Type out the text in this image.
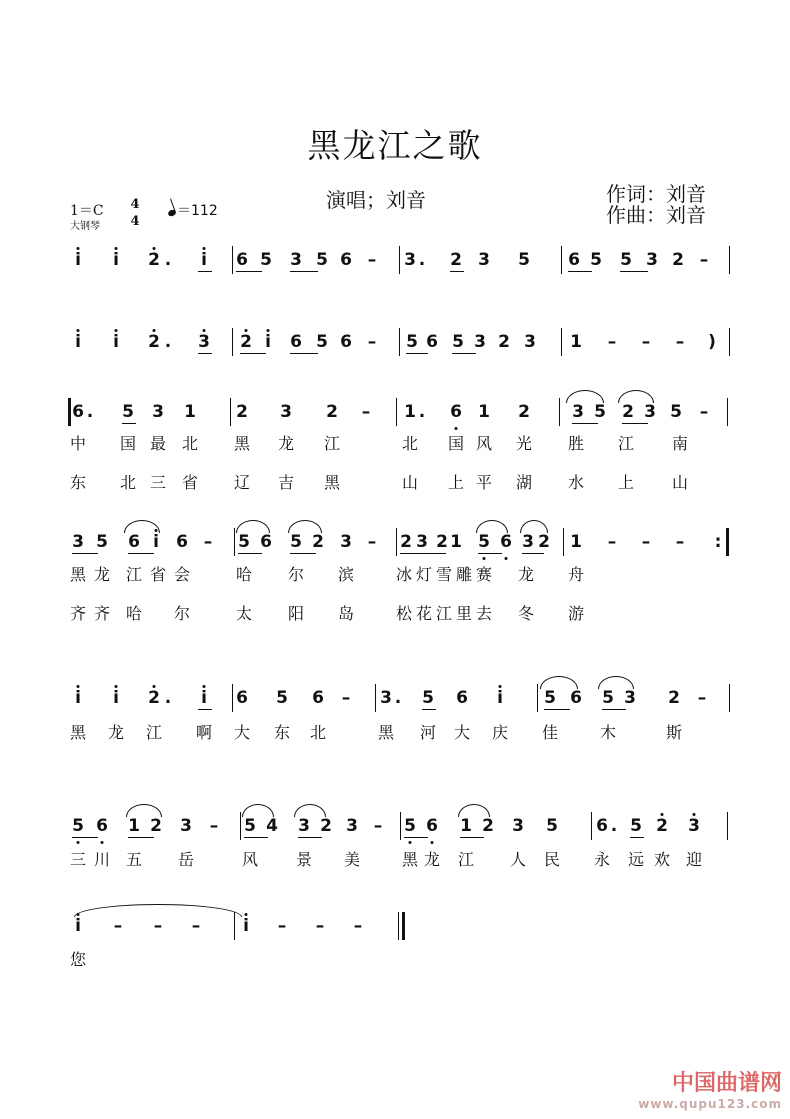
黑龙江之歌
演唱；刘音	作词：刘音
作曲：刘音
1＝C
大钢琴
4
4
＝112
i i 2 . i 6 5 3 5 6 – 3 . 2 3 5 6 5 5 3 2 –
i i 2 . 3 2 i 6 5 6 – 5 6 5 3 2 3 1 – – – )
6 . 5 3 1 2 3 2 – 1 . 6 1 2 3 5 2 3 5 –
3 5 6 i 6 – 5 6 5 2 3 – 2 3 2 1 5 6 3 2 1 – – – :
i i 2 . i 6 5 6 – 3 . 5 6 i 5 6 5 3 2 –
5 6 1 2 3 – 5 4 3 2 3 – 5 6 1 2 3 5 6 . 5 2 3
i – – –	i – – –
中 国 最 北 黑 龙 江	北 国 风 光 胜 江 南
东 北 三 省 辽 吉 黑	山 上 平 湖 水 上 山
黑 龙 江 省 会	哈 尔 滨	冰 灯 雪 雕 赛 龙 舟
齐 齐 哈 尔	太 阳 岛	松 花 江 里 去 冬 游
黑 龙 江 啊 大 东 北	黑 河 大 庆 佳	木	斯
三 川 五 岳	风 景 美	黑 龙 江 人 民 永 远 欢 迎
您
中国曲谱网
www.qupu123.com
